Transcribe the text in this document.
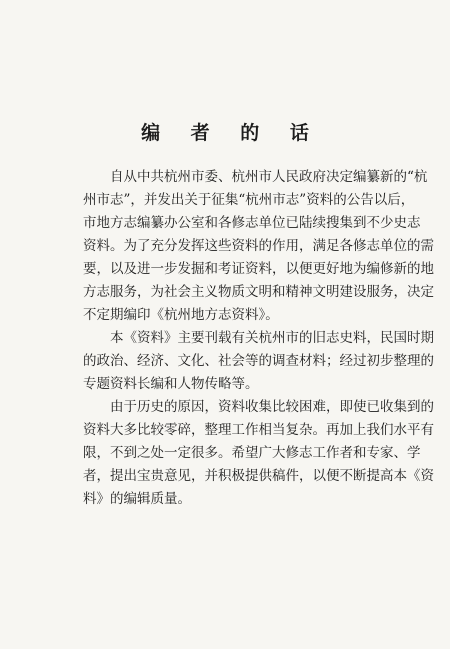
编 者 的 话
自从中共杭州市委、杭州市人民政府决定编纂新的“杭
州市志”，并发出关于征集“杭州市志”资料的公告以后，
市地方志编纂办公室和各修志单位已陆续搜集到不少史志
资料。为了充分发挥这些资料的作用，满足各修志单位的需
要，以及进一步发掘和考证资料，以便更好地为编修新的地
方志服务，为社会主义物质文明和精神文明建设服务，决定
不定期编印《杭州地方志资料》。
本《资料》主要刊载有关杭州市的旧志史料，民国时期
的政治、经济、文化、社会等的调查材料；经过初步整理的
专题资料长编和人物传略等。
由于历史的原因，资料收集比较困难，即使已收集到的
资料大多比较零碎，整理工作相当复杂。再加上我们水平有
限，不到之处一定很多。希望广大修志工作者和专家、学
者，提出宝贵意见，并积极提供稿件，以便不断提高本《资
料》的编辑质量。
